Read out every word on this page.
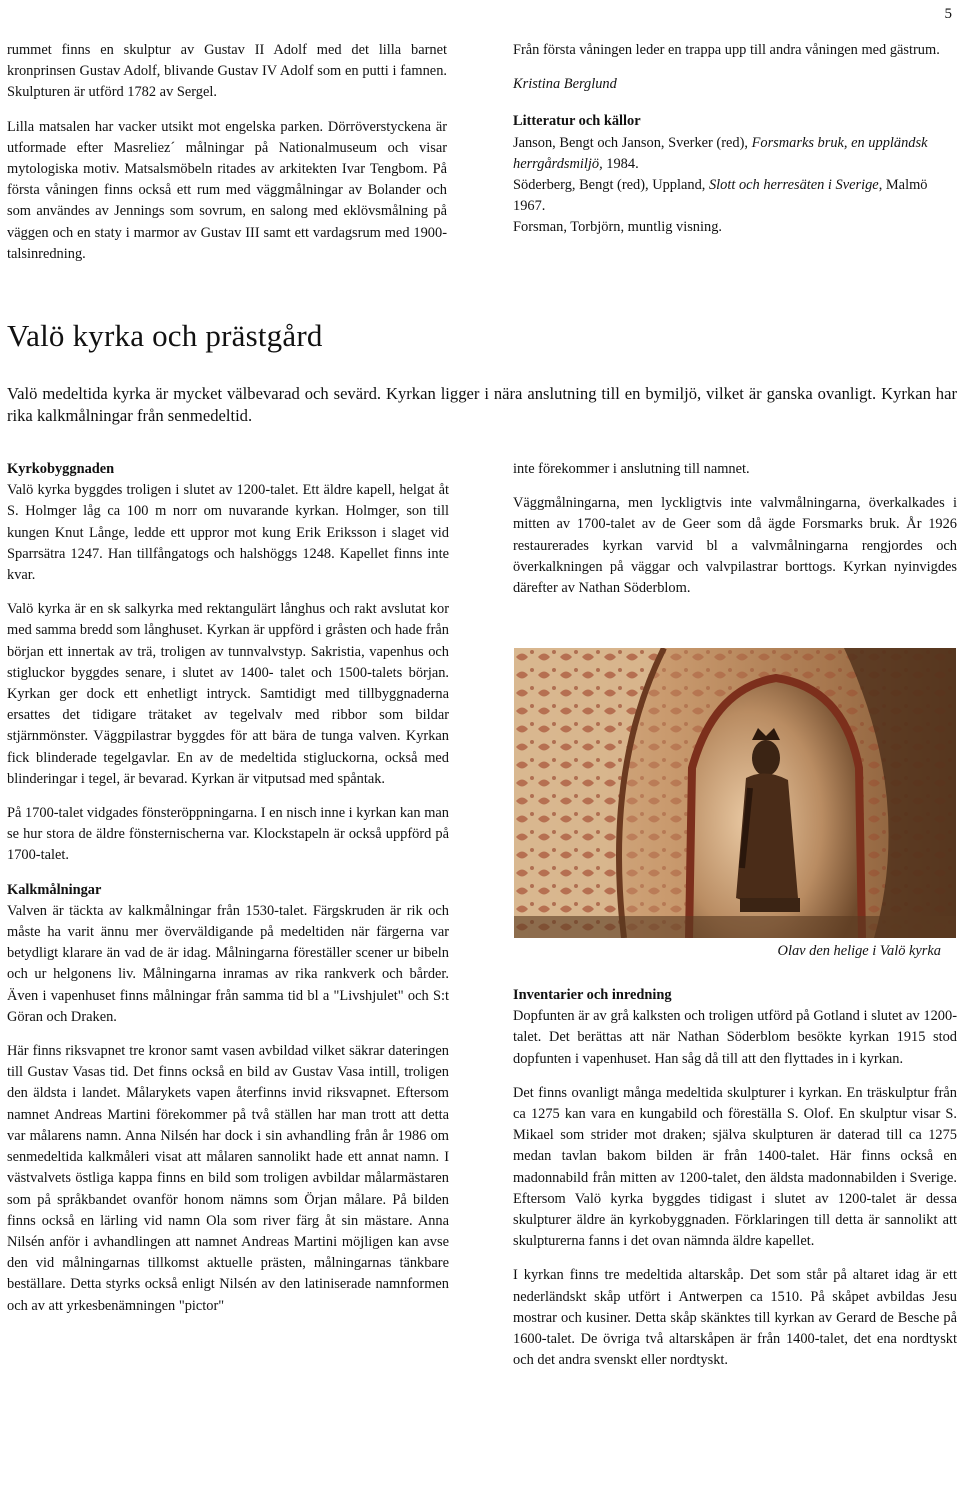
5

rummet finns en skulptur av Gustav II Adolf med det lilla barnet kronprinsen Gustav Adolf, blivande Gustav IV Adolf som en putti i famnen. Skulpturen är utförd 1782 av Sergel.

Lilla matsalen har vacker utsikt mot engelska parken. Dörröverstyckena är utformade efter Masreliez´ målningar på Nationalmuseum och visar mytologiska motiv. Matsalsmöbeln ritades av arkitekten Ivar Tengbom. På första våningen finns också ett rum med väggmålningar av Bolander och som användes av Jennings som sovrum, en salong med eklövsmålning på väggen och en staty i marmor av Gustav III samt ett vardagsrum med 1900-talsinredning.

Från första våningen leder en trappa upp till andra våningen med gästrum.

Kristina Berglund

Litteratur och källor

Janson, Bengt och Janson, Sverker (red), Forsmarks bruk, en uppländsk herrgårdsmiljö, 1984.

Söderberg, Bengt (red), Uppland, Slott och herresäten i Sverige, Malmö 1967.

Forsman, Torbjörn, muntlig visning.

Valö kyrka och prästgård

Valö medeltida kyrka är mycket välbevarad och sevärd. Kyrkan ligger i nära anslutning till en bymiljö, vilket är ganska ovanligt. Kyrkan har rika kalkmålningar från senmedeltid.

Kyrkobyggnaden
Valö kyrka byggdes troligen i slutet av 1200-talet. Ett äldre kapell, helgat åt S. Holmger låg ca 100 m norr om nuvarande kyrkan. Holmger, son till kungen Knut Långe, ledde ett uppror mot kung Erik Eriksson i slaget vid Sparrsätra 1247. Han tillfångatogs och halshöggs 1248. Kapellet finns inte kvar.

Valö kyrka är en sk salkyrka med rektangulärt långhus och rakt avslutat kor med samma bredd som långhuset. Kyrkan är uppförd i gråsten och hade från början ett innertak av trä, troligen av tunnvalvstyp. Sakristia, vapenhus och stigluckor byggdes senare, i slutet av 1400- talet och 1500-talets början. Kyrkan ger dock ett enhetligt intryck. Samtidigt med tillbyggnaderna ersattes det tidigare trätaket av tegelvalv med ribbor som bildar stjärnmönster. Väggpilastrar byggdes för att bära de tunga valven. Kyrkan fick blinderade tegelgavlar. En av de medeltida stigluckorna, också med blinderingar i tegel, är bevarad. Kyrkan är vitputsad med spåntak.

På 1700-talet vidgades fönsteröppningarna. I en nisch inne i kyrkan kan man se hur stora de äldre fönsternischerna var. Klockstapeln är också uppförd på 1700-talet.

Kalkmålningar
Valven är täckta av kalkmålningar från 1530-talet. Färgskruden är rik och måste ha varit ännu mer överväldigande på medeltiden när färgerna var betydligt klarare än vad de är idag. Målningarna föreställer scener ur bibeln och ur helgonens liv. Målningarna inramas av rika rankverk och bårder. Även i vapenhuset finns målningar från samma tid bl a "Livshjulet" och S:t Göran och Draken.

Här finns riksvapnet tre kronor samt vasen avbildad vilket säkrar dateringen till Gustav Vasas tid. Det finns också en bild av Gustav Vasa intill, troligen den äldsta i landet. Målarykets vapen återfinns invid riksvapnet. Eftersom namnet Andreas Martini förekommer på två ställen har man trott att detta var målarens namn. Anna Nilsén har dock i sin avhandling från år 1986 om senmedeltida kalkmåleri visat att målaren sannolikt hade ett annat namn. I västvalvets östliga kappa finns en bild som troligen avbildar målarmästaren som på språkbandet ovanför honom nämns som Örjan målare. På bilden finns också en lärling vid namn Ola som river färg åt sin mästare. Anna Nilsén anför i avhandlingen att namnet Andreas Martini möjligen kan avse den vid målningarnas tillkomst aktuelle prästen, målningarnas tänkbare beställare. Detta styrks också enligt Nilsén av den latiniserade namnformen och av att yrkesbenämningen "pictor"

inte förekommer i anslutning till namnet.

Väggmålningarna, men lyckligtvis inte valvmålningarna, överkalkades i mitten av 1700-talet av de Geer som då ägde Forsmarks bruk. År 1926 restaurerades kyrkan varvid bl a valvmålningarna rengjordes och överkalkningen på väggar och valvpilastrar borttogs. Kyrkan nyinvigdes därefter av Nathan Söderblom.

Olav den helige i Valö kyrka

Inventarier och inredning
Dopfunten är av grå kalksten och troligen utförd på Gotland i slutet av 1200-talet. Det berättas att när Nathan Söderblom besökte kyrkan 1915 stod dopfunten i vapenhuset. Han såg då till att den flyttades in i kyrkan.

Det finns ovanligt många medeltida skulpturer i kyrkan. En träskulptur från ca 1275 kan vara en kungabild och föreställa S. Olof. En skulptur visar S. Mikael som strider mot draken; själva skulpturen är daterad till ca 1275 medan tavlan bakom bilden är från 1400-talet. Här finns också en madonnabild från mitten av 1200-talet, den äldsta madonnabilden i Sverige. Eftersom Valö kyrka byggdes tidigast i slutet av 1200-talet är dessa skulpturer äldre än kyrkobyggnaden. Förklaringen till detta är sannolikt att skulpturerna fanns i det ovan nämnda äldre kapellet.

I kyrkan finns tre medeltida altarskåp. Det som står på altaret idag är ett nederländskt skåp utfört i Antwerpen ca 1510. På skåpet avbildas Jesu mostrar och kusiner. Detta skåp skänktes till kyrkan av Gerard de Besche på 1600-talet. De övriga två altarskåpen är från 1400-talet, det ena nordtyskt och det andra svenskt eller nordtyskt.
